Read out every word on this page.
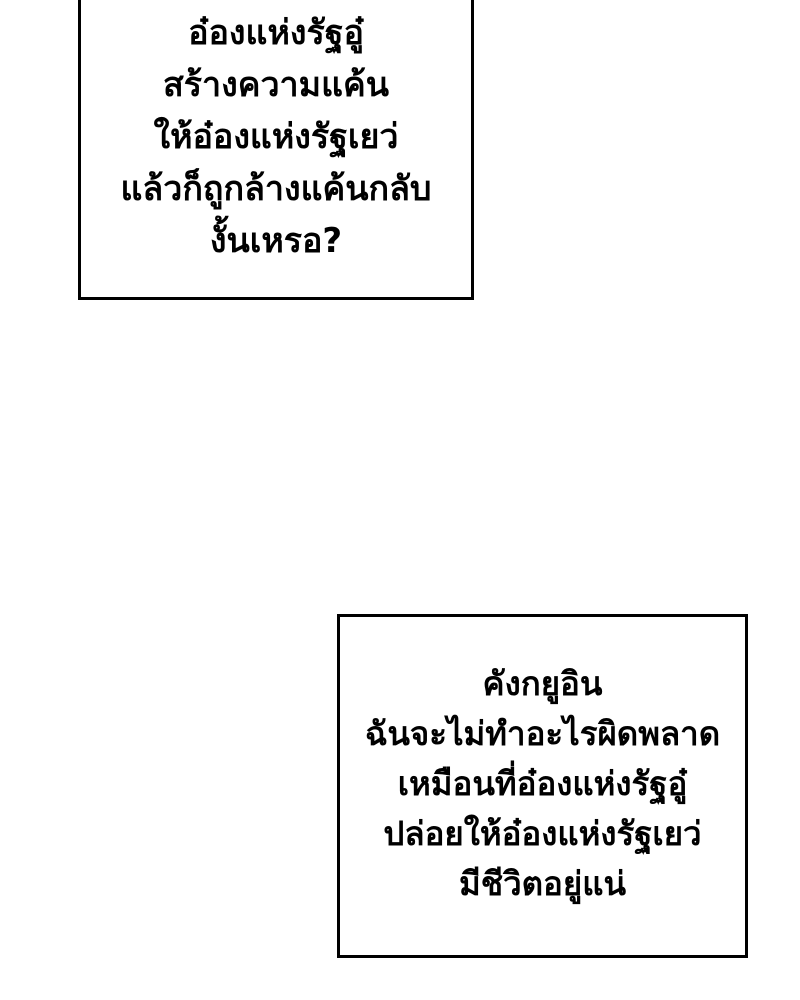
อ๋องแห่งรัฐอู๋
สร้างความแค้น
ให้อ๋องแห่งรัฐเยว่
แล้วก็ถูกล้างแค้นกลับ
งั้นเหรอ?
คังกยูอิน
ฉันจะไม่ทำอะไรผิดพลาด
เหมือนที่อ๋องแห่งรัฐอู๋
ปล่อยให้อ๋องแห่งรัฐเยว่
มีชีวิตอยู่แน่
